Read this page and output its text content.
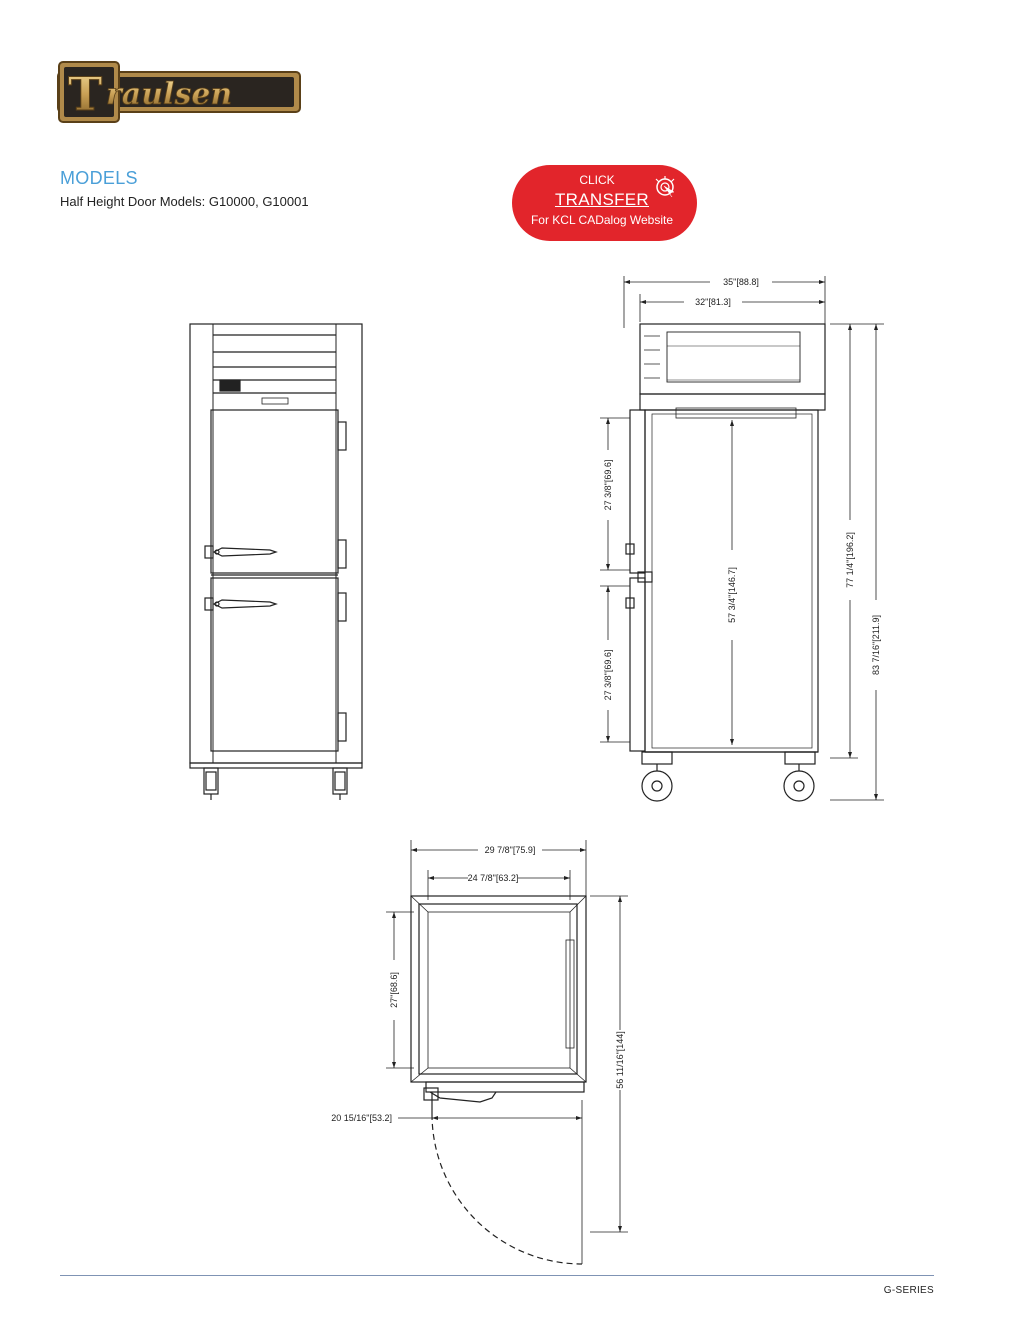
T raulsen
MODELS
Half Height Door Models: G10000, G10001
CLICK
TRANSFER
For KCL CADalog Website
35"[88.8]
32"[81.3]
77 1/4"[196.2]
83 7/16"[211.9]
27 3/8"[69.6]
27 3/8"[69.6]
57 3/4"[146.7]
29 7/8"[75.9]
24 7/8"[63.2]
27"[68.6]
56 11/16"[144]
20 15/16"[53.2]
G-SERIES
